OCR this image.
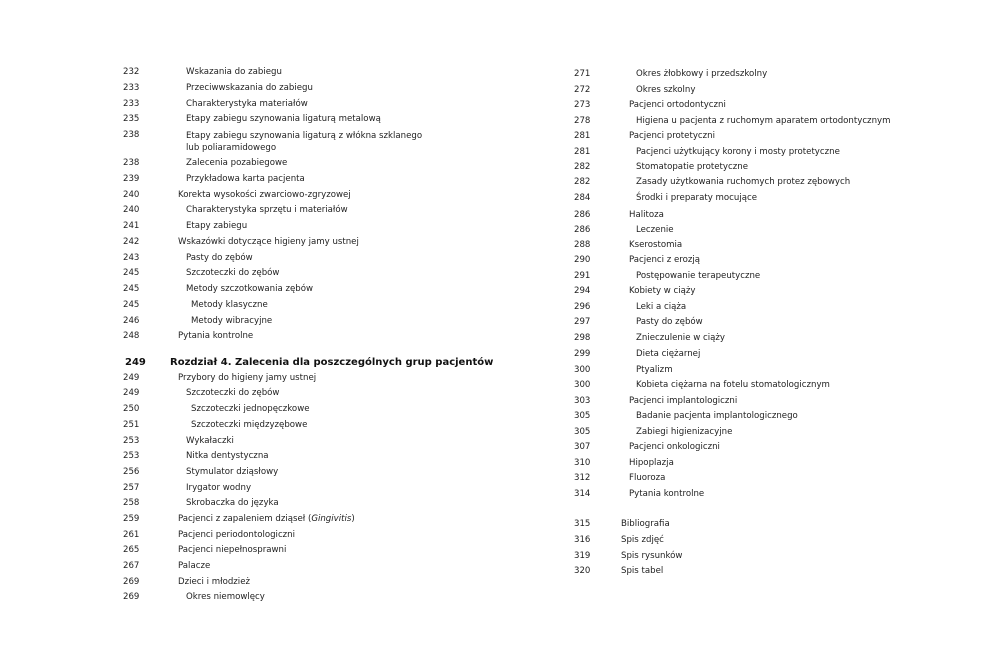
232	Wskazania do zabiegu
233	Przeciwwskazania do zabiegu
233	Charakterystyka materiałów
235	Etapy zabiegu szynowania ligaturą metalową
238	Etapy zabiegu szynowania ligaturą z włókna szklanego
lub poliaramidowego
238	Zalecenia pozabiegowe
239	Przykładowa karta pacjenta
240	Korekta wysokości zwarciowo-zgryzowej
240	Charakterystyka sprzętu i materiałów
241	Etapy zabiegu
242	Wskazówki dotyczące higieny jamy ustnej
243	Pasty do zębów
245	Szczoteczki do zębów
245	Metody szczotkowania zębów
245	Metody klasyczne
246	Metody wibracyjne
248	Pytania kontrolne
249 Rozdział 4. Zalecenia dla poszczególnych grup pacjentów
249	Przybory do higieny jamy ustnej
249	Szczoteczki do zębów
250	Szczoteczki jednopęczkowe
251	Szczoteczki międzyzębowe
253	Wykałaczki
253	Nitka dentystyczna
256	Stymulator dziąsłowy
257	Irygator wodny
258	Skrobaczka do języka
259	Pacjenci z zapaleniem dziąseł (Gingivitis)
261	Pacjenci periodontologiczni
265	Pacjenci niepełnosprawni
267	Palacze
269	Dzieci i młodzież
269	Okres niemowlęcy
271	Okres żłobkowy i przedszkolny
272	Okres szkolny
273	Pacjenci ortodontyczni
278	Higiena u pacjenta z ruchomym aparatem ortodontycznym
281	Pacjenci protetyczni
281	Pacjenci użytkujący korony i mosty protetyczne
282	Stomatopatie protetyczne
282	Zasady użytkowania ruchomych protez zębowych
284	Środki i preparaty mocujące
286	Halitoza
286	Leczenie
288	Kserostomia
290	Pacjenci z erozją
291	Postępowanie terapeutyczne
294	Kobiety w ciąży
296	Leki a ciąża
297	Pasty do zębów
298	Znieczulenie w ciąży
299	Dieta ciężarnej
300	Ptyalizm
300	Kobieta ciężarna na fotelu stomatologicznym
303	Pacjenci implantologiczni
305	Badanie pacjenta implantologicznego
305	Zabiegi higienizacyjne
307	Pacjenci onkologiczni
310	Hipoplazja
312	Fluoroza
314	Pytania kontrolne
315	Bibliografia
316	Spis zdjęć
319	Spis rysunków
320	Spis tabel
